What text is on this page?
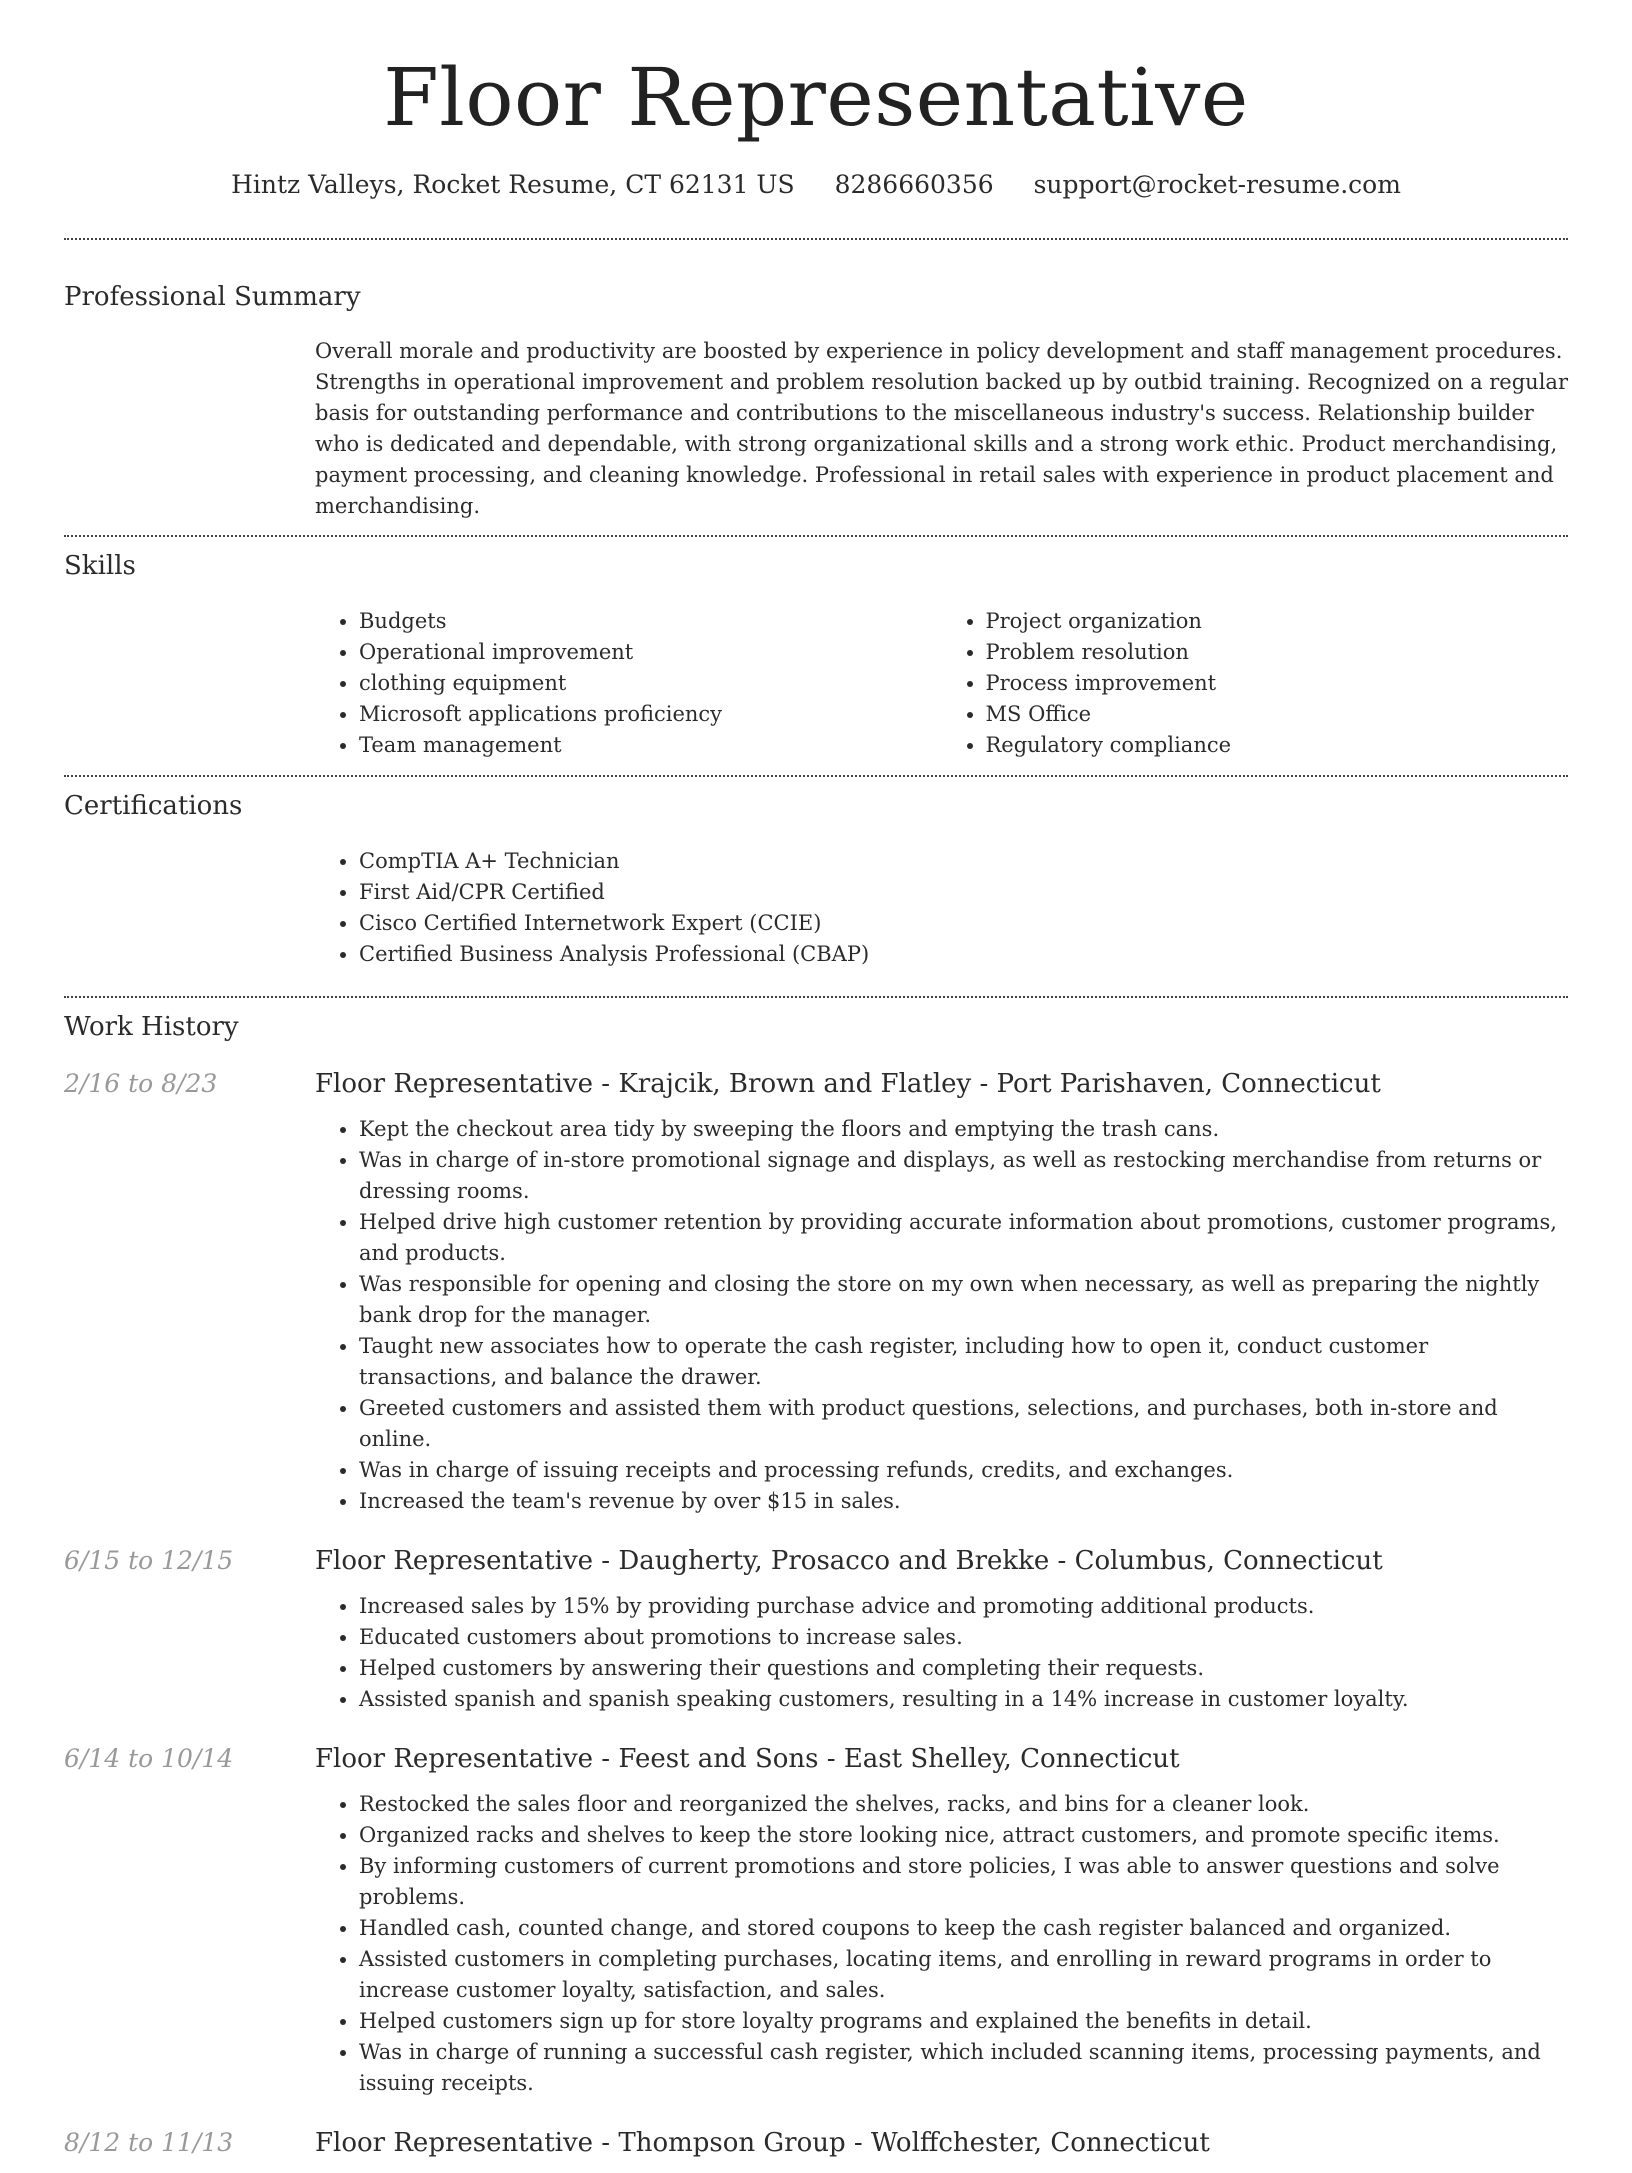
Floor Representative
Hintz Valleys, Rocket Resume, CT 62131 US 8286660356 support@rocket-resume.com
Professional Summary

Overall morale and productivity are boosted by experience in policy development and staff management procedures. Strengths in operational improvement and problem resolution backed up by outbid training. Recognized on a regular basis for outstanding performance and contributions to the miscellaneous industry's success. Relationship builder who is dedicated and dependable, with strong organizational skills and a strong work ethic. Product merchandising, payment processing, and cleaning knowledge. Professional in retail sales with experience in product placement and merchandising.

Skills
• Budgets
• Operational improvement
• clothing equipment
• Microsoft applications proficiency
• Team management
• Project organization
• Problem resolution
• Process improvement
• MS Office
• Regulatory compliance
Certifications
• CompTIA A+ Technician
• First Aid/CPR Certified
• Cisco Certified Internetwork Expert (CCIE)
• Certified Business Analysis Professional (CBAP)
Work History
2/16 to 8/23	Floor Representative - Krajcik, Brown and Flatley - Port Parishaven, Connecticut
• Kept the checkout area tidy by sweeping the floors and emptying the trash cans.
• Was in charge of in-store promotional signage and displays, as well as restocking merchandise from returns or dressing rooms.
• Helped drive high customer retention by providing accurate information about promotions, customer programs, and products.
• Was responsible for opening and closing the store on my own when necessary, as well as preparing the nightly bank drop for the manager.
• Taught new associates how to operate the cash register, including how to open it, conduct customer transactions, and balance the drawer.
• Greeted customers and assisted them with product questions, selections, and purchases, both in-store and online.
• Was in charge of issuing receipts and processing refunds, credits, and exchanges.
• Increased the team's revenue by over $15 in sales.
6/15 to 12/15	Floor Representative - Daugherty, Prosacco and Brekke - Columbus, Connecticut
• Increased sales by 15% by providing purchase advice and promoting additional products.
• Educated customers about promotions to increase sales.
• Helped customers by answering their questions and completing their requests.
• Assisted spanish and spanish speaking customers, resulting in a 14% increase in customer loyalty.
6/14 to 10/14	Floor Representative - Feest and Sons - East Shelley, Connecticut
• Restocked the sales floor and reorganized the shelves, racks, and bins for a cleaner look.
• Organized racks and shelves to keep the store looking nice, attract customers, and promote specific items.
• By informing customers of current promotions and store policies, I was able to answer questions and solve problems.
• Handled cash, counted change, and stored coupons to keep the cash register balanced and organized.
• Assisted customers in completing purchases, locating items, and enrolling in reward programs in order to increase customer loyalty, satisfaction, and sales.
• Helped customers sign up for store loyalty programs and explained the benefits in detail.
• Was in charge of running a successful cash register, which included scanning items, processing payments, and issuing receipts.
8/12 to 11/13	Floor Representative - Thompson Group - Wolffchester, Connecticut
